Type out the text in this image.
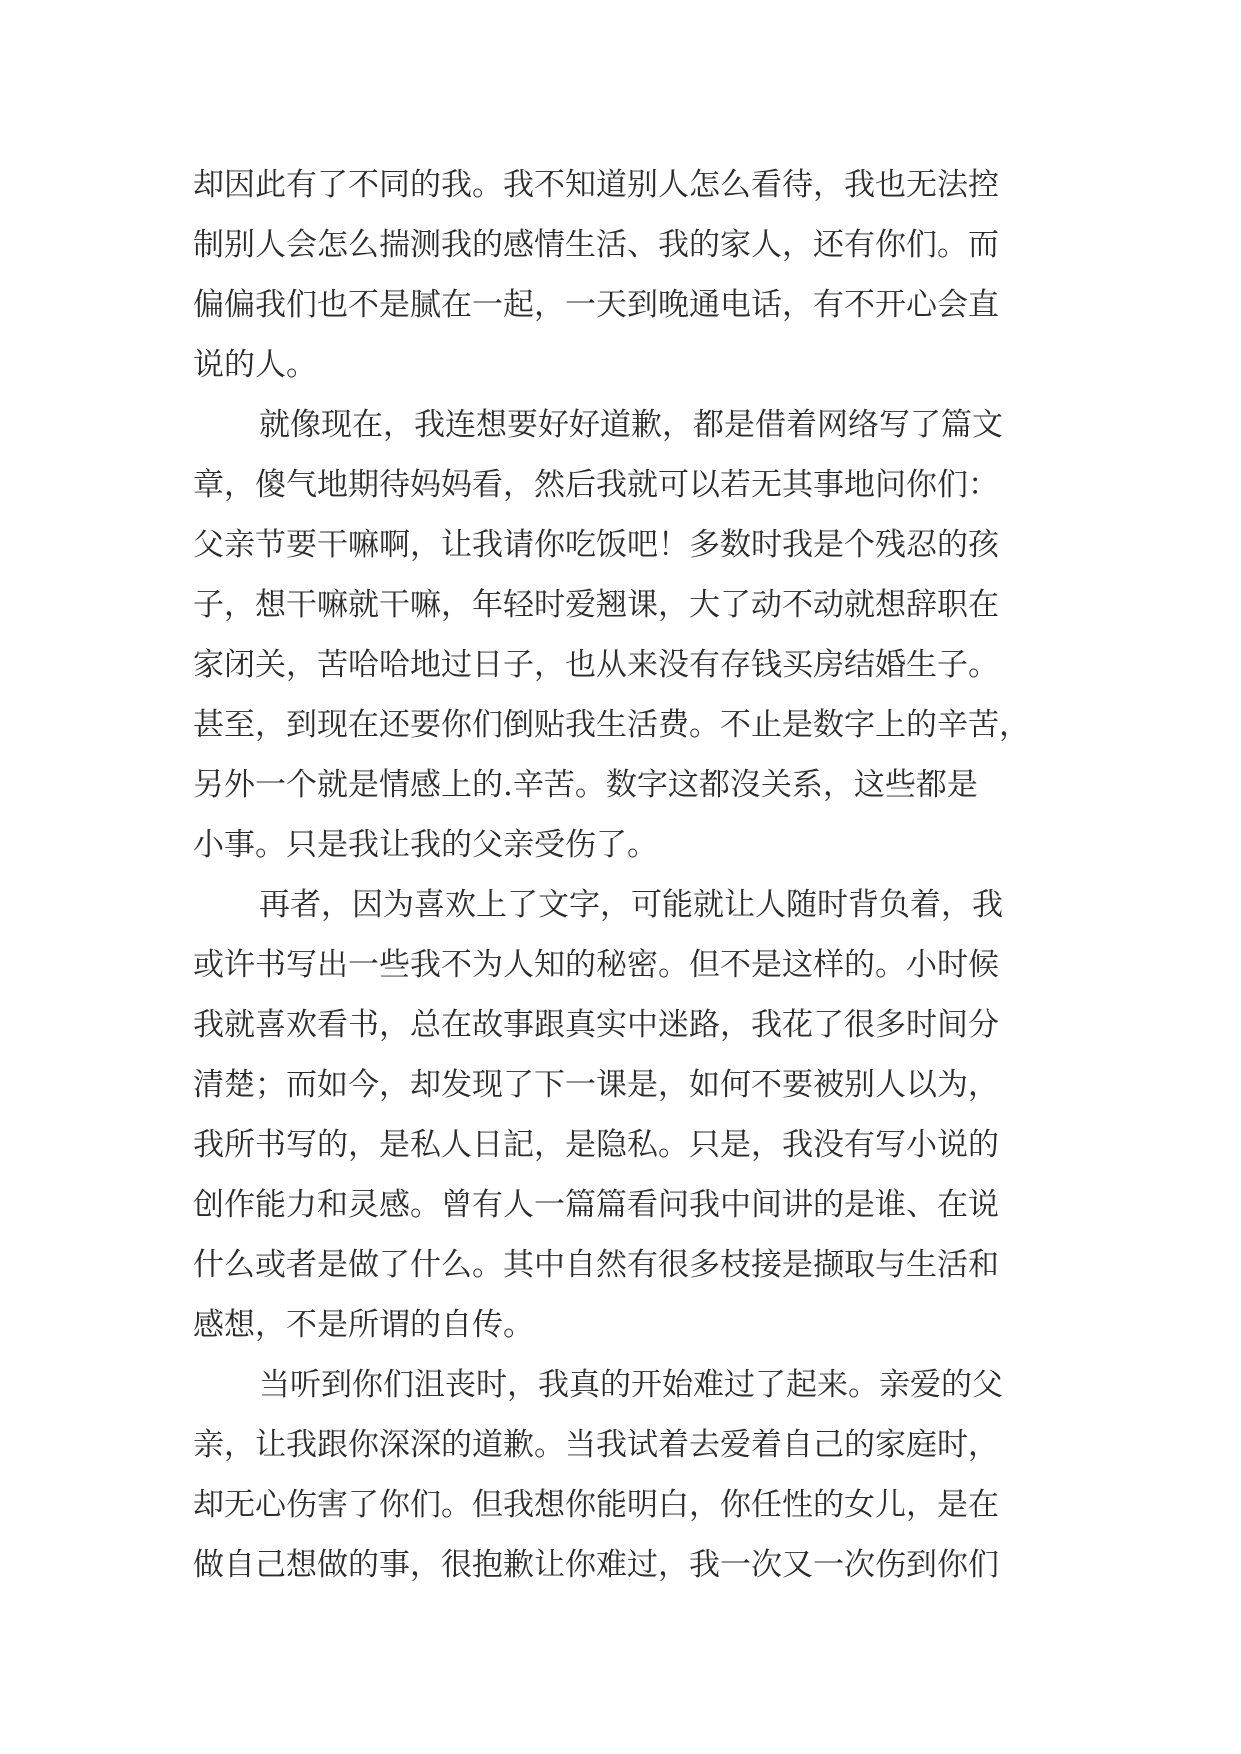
却因此有了不同的我。我不知道别人怎么看待，我也无法控
制别人会怎么揣测我的感情生活、我的家人，还有你们。而
偏偏我们也不是腻在一起，一天到晚通电话，有不开心会直
说的人。
就像现在，我连想要好好道歉，都是借着网络写了篇文
章，傻气地期待妈妈看，然后我就可以若无其事地问你们：
父亲节要干嘛啊，让我请你吃饭吧！多数时我是个残忍的孩
子，想干嘛就干嘛，年轻时爱翘课，大了动不动就想辞职在
家闭关，苦哈哈地过日子，也从来没有存钱买房结婚生子。
甚至，到现在还要你们倒贴我生活费。不止是数字上的辛苦，
另外一个就是情感上的.辛苦。数字这都沒关系，这些都是
小事。只是我让我的父亲受伤了。
再者，因为喜欢上了文字，可能就让人随时背负着，我
或许书写出一些我不为人知的秘密。但不是这样的。小时候
我就喜欢看书，总在故事跟真实中迷路，我花了很多时间分
清楚；而如今，却发现了下一课是，如何不要被别人以为，
我所书写的，是私人日記，是隐私。只是，我没有写小说的
创作能力和灵感。曾有人一篇篇看问我中间讲的是谁、在说
什么或者是做了什么。其中自然有很多枝接是撷取与生活和
感想，不是所谓的自传。
当听到你们沮丧时，我真的开始难过了起来。亲爱的父
亲，让我跟你深深的道歉。当我试着去爱着自己的家庭时，
却无心伤害了你们。但我想你能明白，你任性的女儿，是在
做自己想做的事，很抱歉让你难过，我一次又一次伤到你们
